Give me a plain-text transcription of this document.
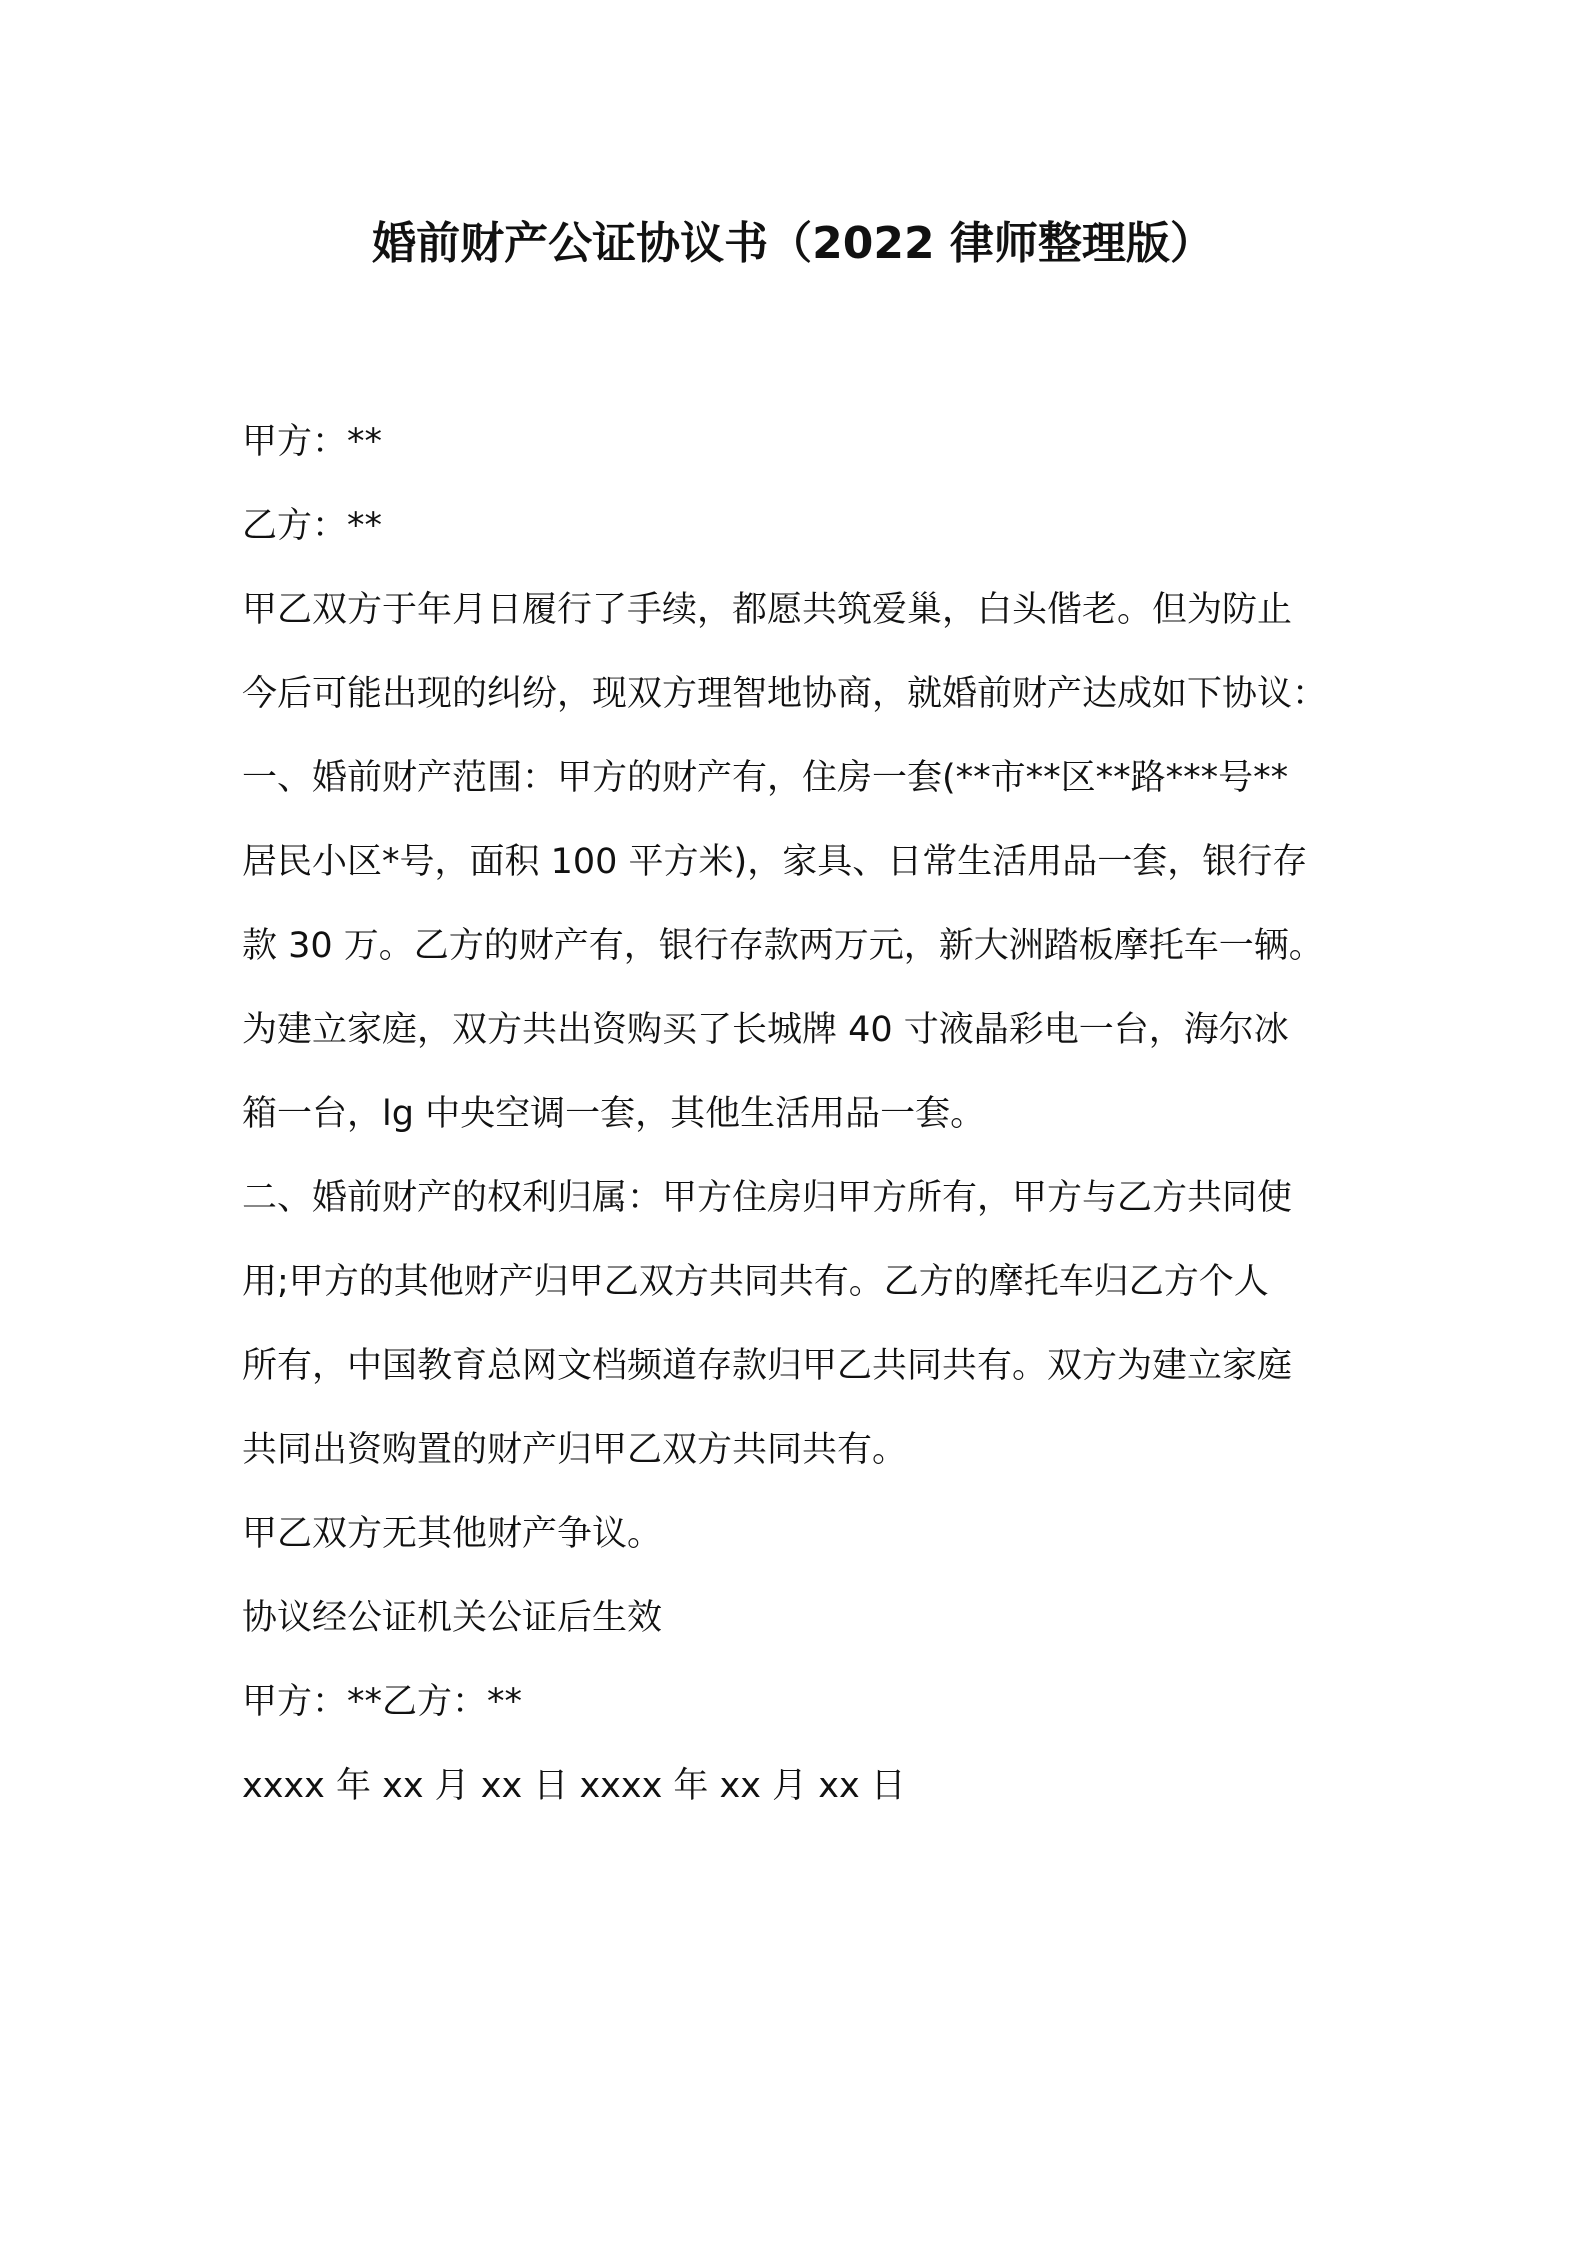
婚前财产公证协议书（2022 律师整理版）
甲方：**
乙方：**
甲乙双方于年月日履行了手续，都愿共筑爱巢，白头偕老。但为防止
今后可能出现的纠纷，现双方理智地协商，就婚前财产达成如下协议：
一、婚前财产范围：甲方的财产有，住房一套(**市**区**路***号**
居民小区*号，面积 100 平方米)，家具、日常生活用品一套，银行存
款 30 万。乙方的财产有，银行存款两万元，新大洲踏板摩托车一辆。
为建立家庭，双方共出资购买了长城牌 40 寸液晶彩电一台，海尔冰
箱一台，lg 中央空调一套，其他生活用品一套。
二、婚前财产的权利归属：甲方住房归甲方所有，甲方与乙方共同使
用;甲方的其他财产归甲乙双方共同共有。乙方的摩托车归乙方个人
所有，中国教育总网文档频道存款归甲乙共同共有。双方为建立家庭
共同出资购置的财产归甲乙双方共同共有。
甲乙双方无其他财产争议。
协议经公证机关公证后生效
甲方：**乙方：**
xxxx 年 xx 月 xx 日 xxxx 年 xx 月 xx 日
